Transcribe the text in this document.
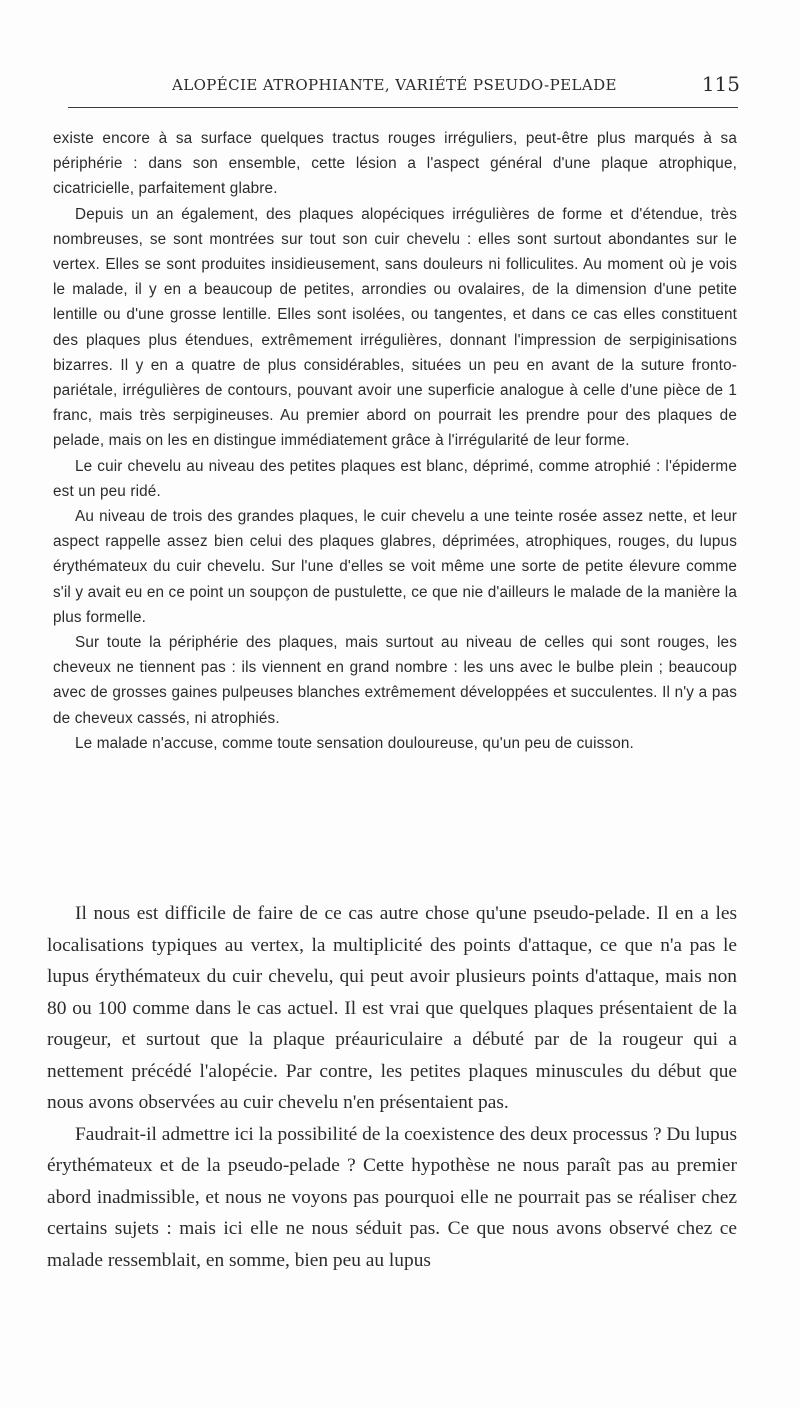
ALOPÉCIE ATROPHIANTE, VARIÉTÉ PSEUDO-PELADE	115

existe encore à sa surface quelques tractus rouges irréguliers, peut-être plus marqués à sa périphérie : dans son ensemble, cette lésion a l'aspect général d'une plaque atrophique, cicatricielle, parfaitement glabre.

Depuis un an également, des plaques alopéciques irrégulières de forme et d'étendue, très nombreuses, se sont montrées sur tout son cuir chevelu : elles sont surtout abondantes sur le vertex. Elles se sont produites insidieusement, sans douleurs ni folliculites. Au moment où je vois le malade, il y en a beaucoup de petites, arrondies ou ovalaires, de la dimension d'une petite lentille ou d'une grosse lentille. Elles sont isolées, ou tangentes, et dans ce cas elles constituent des plaques plus étendues, extrêmement irrégulières, donnant l'impression de serpiginisations bizarres. Il y en a quatre de plus considérables, situées un peu en avant de la suture fronto-pariétale, irrégulières de contours, pouvant avoir une superficie analogue à celle d'une pièce de 1 franc, mais très serpigineuses. Au premier abord on pourrait les prendre pour des plaques de pelade, mais on les en distingue immédiatement grâce à l'irrégularité de leur forme.

Le cuir chevelu au niveau des petites plaques est blanc, déprimé, comme atrophié : l'épiderme est un peu ridé.

Au niveau de trois des grandes plaques, le cuir chevelu a une teinte rosée assez nette, et leur aspect rappelle assez bien celui des plaques glabres, déprimées, atrophiques, rouges, du lupus érythémateux du cuir chevelu. Sur l'une d'elles se voit même une sorte de petite élevure comme s'il y avait eu en ce point un soupçon de pustulette, ce que nie d'ailleurs le malade de la manière la plus formelle.

Sur toute la périphérie des plaques, mais surtout au niveau de celles qui sont rouges, les cheveux ne tiennent pas : ils viennent en grand nombre : les uns avec le bulbe plein ; beaucoup avec de grosses gaines pulpeuses blanches extrêmement développées et succulentes. Il n'y a pas de cheveux cassés, ni atrophiés.

Le malade n'accuse, comme toute sensation douloureuse, qu'un peu de cuisson.

Il nous est difficile de faire de ce cas autre chose qu'une pseudo-pelade. Il en a les localisations typiques au vertex, la multiplicité des points d'attaque, ce que n'a pas le lupus érythémateux du cuir chevelu, qui peut avoir plusieurs points d'attaque, mais non 80 ou 100 comme dans le cas actuel. Il est vrai que quelques plaques présentaient de la rougeur, et surtout que la plaque préauriculaire a débuté par de la rougeur qui a nettement précédé l'alopécie. Par contre, les petites plaques minuscules du début que nous avons observées au cuir chevelu n'en présentaient pas.

Faudrait-il admettre ici la possibilité de la coexistence des deux processus ? Du lupus érythémateux et de la pseudo-pelade ? Cette hypothèse ne nous paraît pas au premier abord inadmissible, et nous ne voyons pas pourquoi elle ne pourrait pas se réaliser chez certains sujets : mais ici elle ne nous séduit pas. Ce que nous avons observé chez ce malade ressemblait, en somme, bien peu au lupus
